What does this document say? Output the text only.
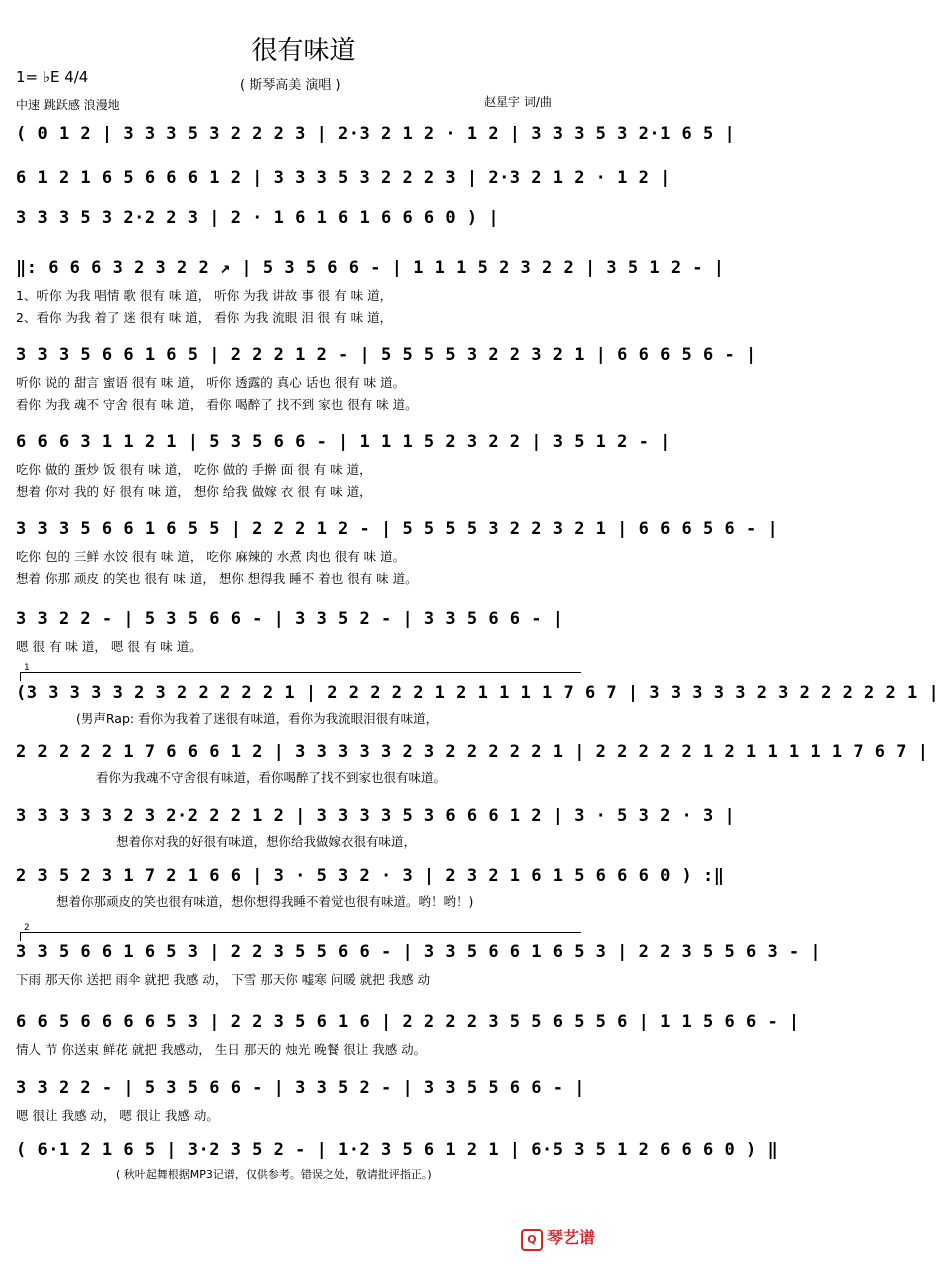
很有味道
1= ♭E 4/4
中速 跳跃感 浪漫地
( 斯琴高美 演唱 )
赵星宇 词/曲
( 0 1 2 | 3 3 3 5 3 2 2 2 3 | 2·3 2 1 2 · 1 2 | 3 3 3 5 3 2·1 6 5 |
6 1 2 1 6 5 6 6 6 1 2 | 3 3 3 5 3 2 2 2 3 | 2·3 2 1 2 · 1 2 |
3 3 3 5 3 2·2 2 3 | 2 · 1 6 1 6 1 6 6 6 0 ) |
‖: 6 6 6 3 2 3 2 2 ↗ | 5 3 5 6 6 - | 1 1 1 5 2 3 2 2 | 3 5 1 2 - |
1、听你 为我 唱情 歌 很有 味 道， 听你 为我 讲故 事 很 有 味 道，
2、看你 为我 着了 迷 很有 味 道， 看你 为我 流眼 泪 很 有 味 道，
3 3 3 5 6 6 1 6 5 | 2 2 2 1 2 - | 5 5 5 5 3 2 2 3 2 1 | 6 6 6 5 6 - |
听你 说的 甜言 蜜语 很有 味 道， 听你 透露的 真心 话也 很有 味 道。
看你 为我 魂不 守舍 很有 味 道， 看你 喝醉了 找不到 家也 很有 味 道。
6 6 6 3 1 1 2 1 | 5 3 5 6 6 - | 1 1 1 5 2 3 2 2 | 3 5 1 2 - |
吃你 做的 蛋炒 饭 很有 味 道， 吃你 做的 手擀 面 很 有 味 道，
想着 你对 我的 好 很有 味 道， 想你 给我 做嫁 衣 很 有 味 道，
3 3 3 5 6 6 1 6 5 5 | 2 2 2 1 2 - | 5 5 5 5 3 2 2 3 2 1 | 6 6 6 5 6 - |
吃你 包的 三鲜 水饺 很有 味 道， 吃你 麻辣的 水煮 肉也 很有 味 道。
想着 你那 顽皮 的笑也 很有 味 道， 想你 想得我 睡不 着也 很有 味 道。
3 3 2 2 - | 5 3 5 6 6 - | 3 3 5 2 - | 3 3 5 6 6 - |
嗯 很 有 味 道， 嗯 很 有 味 道。
1
(3 3 3 3 3 2 3 2 2 2 2 2 1 | 2 2 2 2 2 1 2 1 1 1 1 7 6 7 | 3 3 3 3 3 2 3 2 2 2 2 2 1 |
(男声Rap: 看你为我着了迷很有味道，看你为我流眼泪很有味道，
2 2 2 2 2 1 7 6 6 6 1 2 | 3 3 3 3 3 2 3 2 2 2 2 2 1 | 2 2 2 2 2 1 2 1 1 1 1 1 7 6 7 |
看你为我魂不守舍很有味道，看你喝醉了找不到家也很有味道。
3 3 3 3 3 2 3 2·2 2 2 1 2 | 3 3 3 3 5 3 6 6 6 1 2 | 3 · 5 3 2 · 3 |
想着你对我的好很有味道，想你给我做嫁衣很有味道，
2 3 5 2 3 1 7 2 1 6 6 | 3 · 5 3 2 · 3 | 2 3 2 1 6 1 5 6 6 6 0 ) :‖
想着你那顽皮的笑也很有味道，想你想得我睡不着觉也很有味道。哟！哟！)
2
3 3 5 6 6 1 6 5 3 | 2 2 3 5 5 6 6 - | 3 3 5 6 6 1 6 5 3 | 2 2 3 5 5 6 3 - |
下雨 那天你 送把 雨伞 就把 我感 动， 下雪 那天你 嘘寒 问暖 就把 我感 动
6 6 5 6 6 6 6 5 3 | 2 2 3 5 6 1 6 | 2 2 2 2 3 5 5 6 5 5 6 | 1 1 5 6 6 - |
情人 节 你送束 鲜花 就把 我感动， 生日 那天的 烛光 晚餐 很让 我感 动。
3 3 2 2 - | 5 3 5 6 6 - | 3 3 5 2 - | 3 3 5 5 6 6 - |
嗯 很让 我感 动， 嗯 很让 我感 动。
( 6·1 2 1 6 5 | 3·2 3 5 2 - | 1·2 3 5 6 1 2 1 | 6·5 3 5 1 2 6 6 6 0 ) ‖
( 秋叶起舞根据MP3记谱，仅供参考。错误之处，敬请批评指正。)
Q 琴艺谱
